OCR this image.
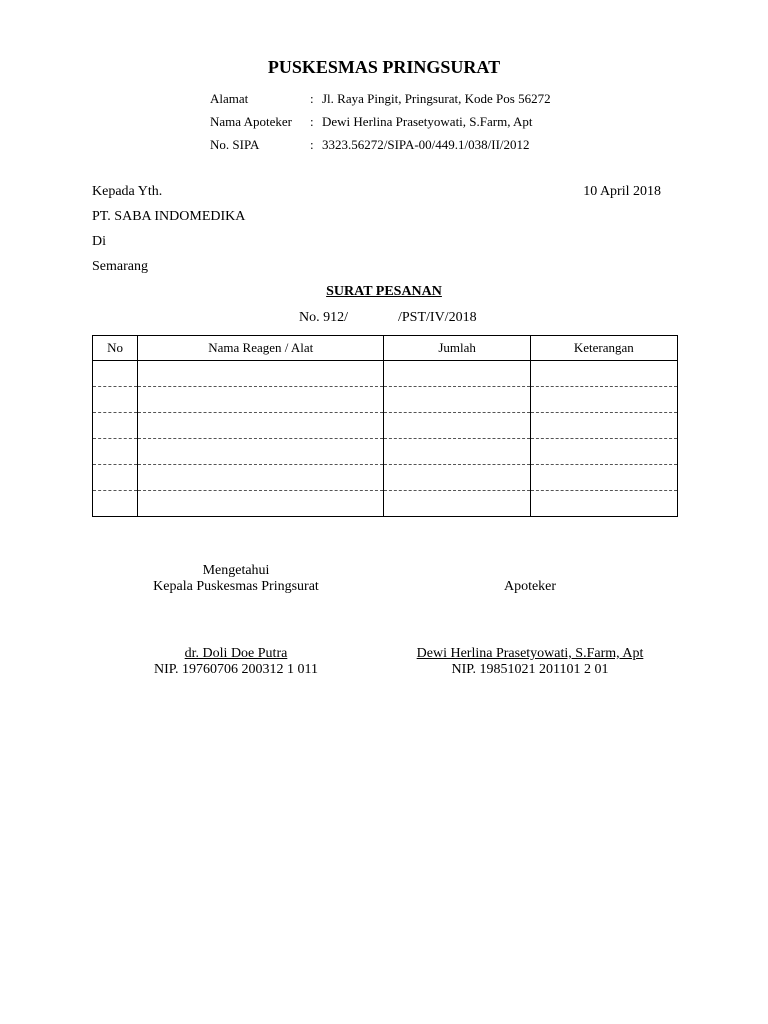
PUSKESMAS PRINGSURAT
Alamat	: Jl. Raya Pingit, Pringsurat, Kode Pos 56272
Nama Apoteker : Dewi Herlina Prasetyowati, S.Farm, Apt
No. SIPA	: 3323.56272/SIPA-00/449.1/038/II/2012
Kepada Yth.	10 April 2018
PT. SABA INDOMEDIKA
Di
Semarang
SURAT PESANAN
No. 912/	/PST/IV/2018
No	Nama Reagen / Alat	Jumlah	Keterangan

Mengetahui
Kepala Puskesmas Pringsurat	Apoteker
dr. Doli Doe Putra
NIP. 19760706 200312 1 011
Dewi Herlina Prasetyowati, S.Farm, Apt
NIP. 19851021 201101 2 01
